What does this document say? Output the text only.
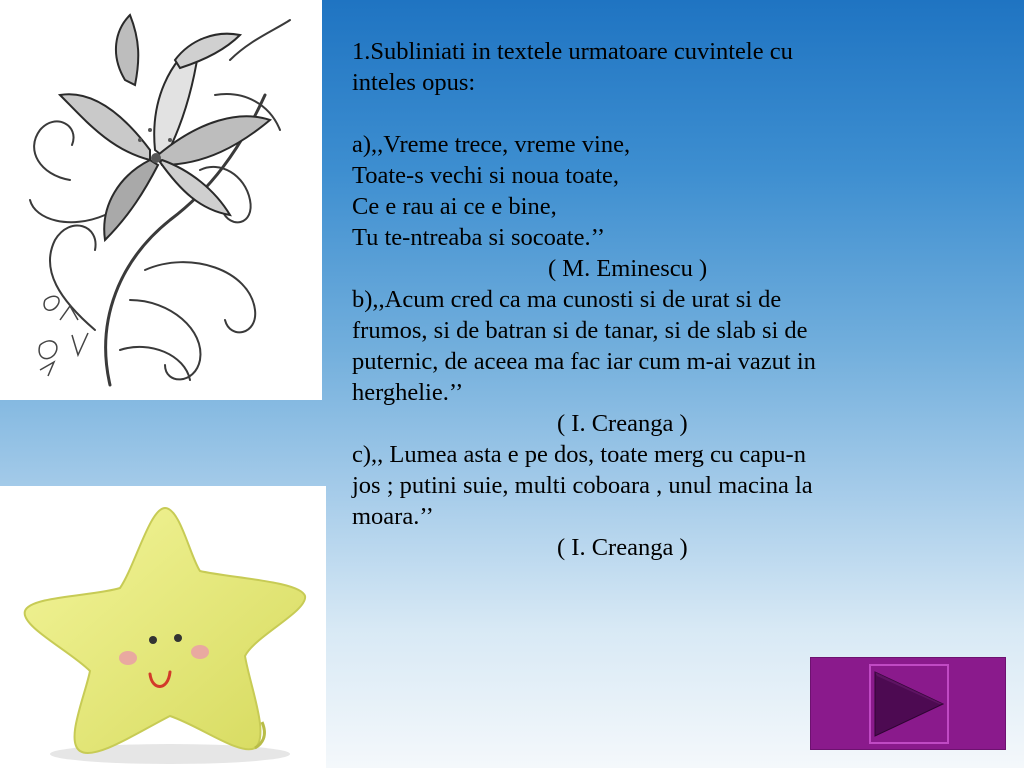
1.Subliniati in textele urmatoare cuvintele cu
inteles opus:
a),,Vreme trece, vreme vine,
Toate-s vechi si noua toate,
Ce e rau ai ce e bine,
Tu te-ntreaba si socoate.’’
( M. Eminescu )
b),,Acum cred ca ma cunosti si de urat si de
frumos, si de batran si de tanar, si de slab si de
puternic, de aceea ma fac iar cum m-ai vazut in
herghelie.’’
( I. Creanga )
c),, Lumea asta e pe dos, toate merg cu capu-n
jos ; putini suie, multi coboara , unul macina la
moara.’’
( I. Creanga )
